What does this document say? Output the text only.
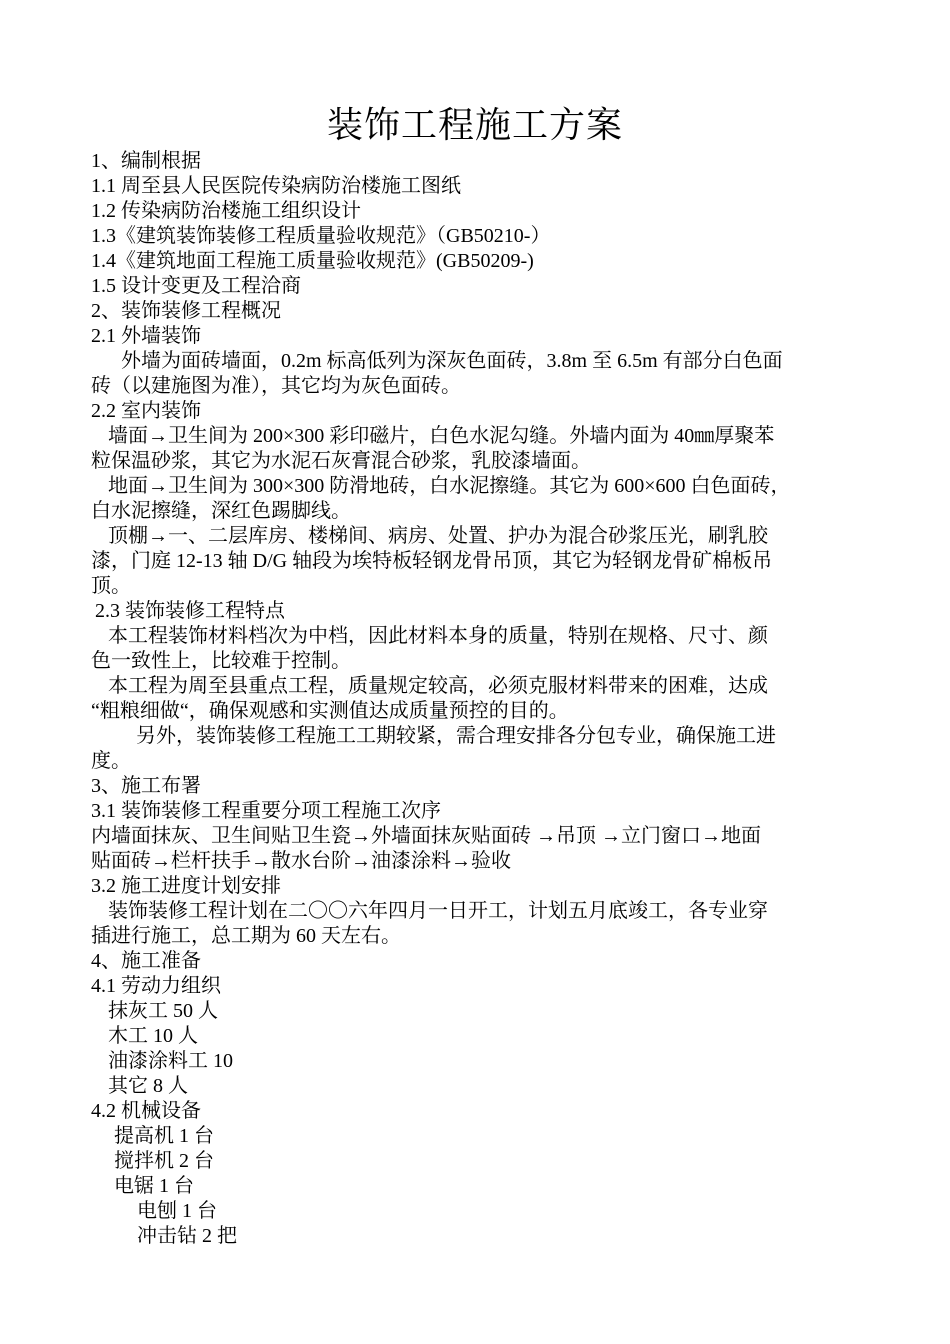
装饰工程施工方案
1、编制根据
1.1 周至县人民医院传染病防治楼施工图纸
1.2 传染病防治楼施工组织设计
1.3《建筑装饰装修工程质量验收规范》（GB50210-）
1.4《建筑地面工程施工质量验收规范》(GB50209-)
1.5 设计变更及工程洽商
2、装饰装修工程概况
2.1 外墙装饰
外墙为面砖墙面，0.2m 标高低列为深灰色面砖，3.8m 至 6.5m 有部分白色面
砖（以建施图为准），其它均为灰色面砖。
2.2 室内装饰
墙面→卫生间为 200×300 彩印磁片，白色水泥勾缝。外墙内面为 40㎜厚聚苯
粒保温砂浆，其它为水泥石灰膏混合砂浆，乳胶漆墙面。
地面→卫生间为 300×300 防滑地砖，白水泥擦缝。其它为 600×600 白色面砖，
白水泥擦缝，深红色踢脚线。
顶棚→一、二层库房、楼梯间、病房、处置、护办为混合砂浆压光，刷乳胶
漆，门庭 12-13 轴 D/G 轴段为埃特板轻钢龙骨吊顶，其它为轻钢龙骨矿棉板吊
顶。
2.3 装饰装修工程特点
本工程装饰材料档次为中档，因此材料本身的质量，特别在规格、尺寸、颜
色一致性上，比较难于控制。
本工程为周至县重点工程，质量规定较高，必须克服材料带来的困难，达成
“粗粮细做“，确保观感和实测值达成质量预控的目的。
另外，装饰装修工程施工工期较紧，需合理安排各分包专业，确保施工进
度。
3、施工布署
3.1 装饰装修工程重要分项工程施工次序
内墙面抹灰、卫生间贴卫生瓷→外墙面抹灰贴面砖 →吊顶 →立门窗口→地面
贴面砖→栏杆扶手→散水台阶→油漆涂料→验收
3.2 施工进度计划安排
装饰装修工程计划在二〇〇六年四月一日开工，计划五月底竣工，各专业穿
插进行施工，总工期为 60 天左右。
4、施工准备
4.1 劳动力组织
抹灰工 50 人
木工 10 人
油漆涂料工 10
其它 8 人
4.2 机械设备
提高机 1 台
搅拌机 2 台
电锯 1 台
电刨 1 台
冲击钻 2 把
